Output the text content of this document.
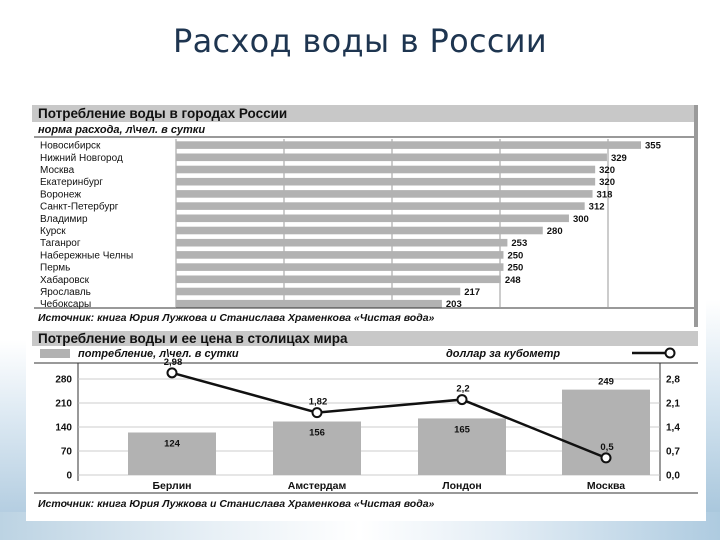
Расход воды в России
Потребление воды в городах России
норма расхода, л\чел. в сутки
Новосибирск	355
Нижний Новгород	329
Москва	320
Екатеринбург	320
Воронеж	318
Санкт-Петербург	312
Владимир	300
Курск	280
Таганрог	253
Набережные Челны	250
Пермь	250
Хабаровск	248
Ярославль	217
Чебоксары	203
Источник: книга Юрия Лужкова и Станислава Храменкова «Чистая вода»
Потребление воды и ее цена в столицах мира
потребление, л\чел. в сутки	доллар за кубометр
280	2,8
210	2,1
140	1,4
70	0,7
0	0,0
124
Берлин
156
Амстердам
165
Лондон
249
Москва
2,98
1,82
2,2
0,5
Источник: книга Юрия Лужкова и Станислава Храменкова «Чистая вода»
